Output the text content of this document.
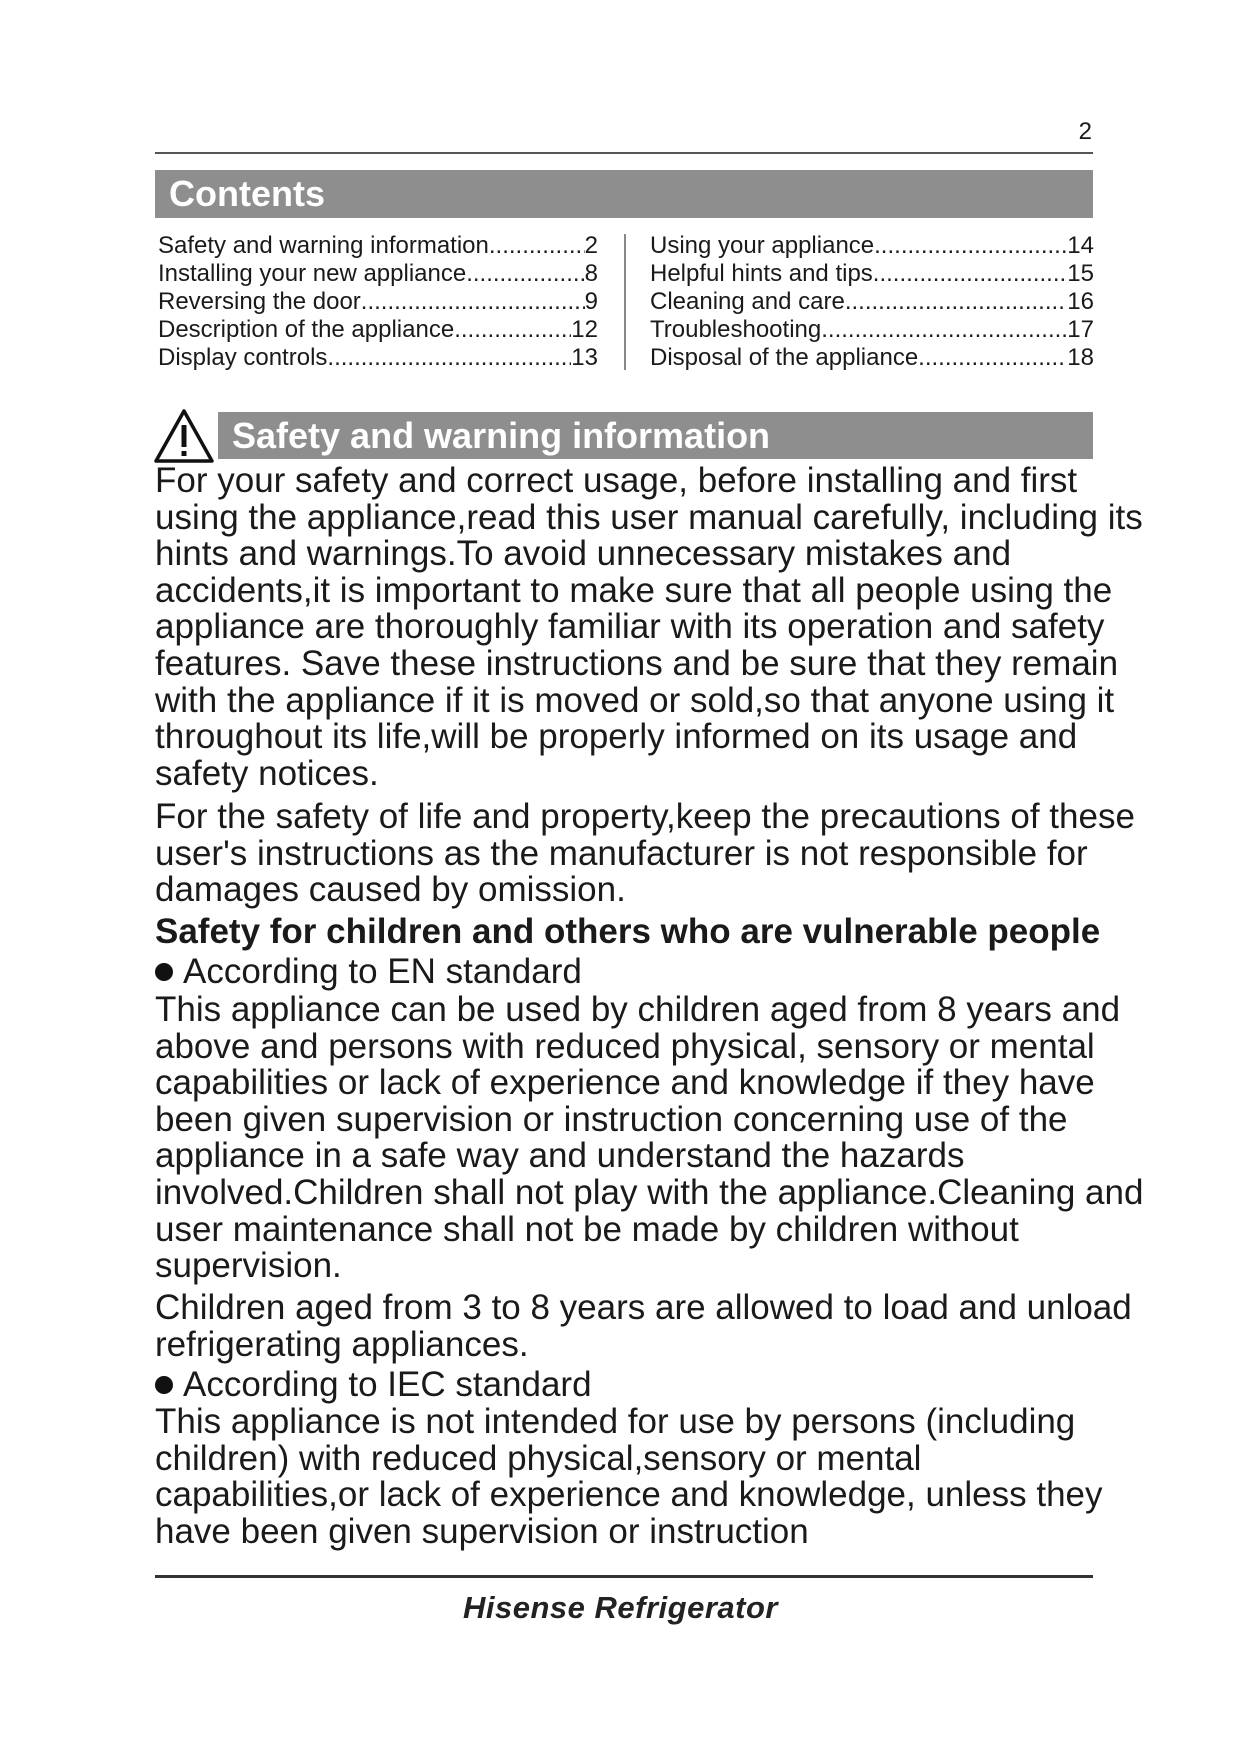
2
Contents
Safety and warning information .....	2
Installing your new appliance .....	8
Reversing the door .....	9
Description of the appliance .....	12
Display controls .....	13
Using your appliance .....	14
Helpful hints and tips .....	15
Cleaning and care .....	16
Troubleshooting .....	17
Disposal of the appliance .....	18
Safety and warning information

For your safety and correct usage, before installing and first using the appliance,read this user manual carefully, including its hints and warnings.To avoid unnecessary mistakes and accidents,it is important to make sure that all people using the appliance are thoroughly familiar with its operation and safety features. Save these instructions and be sure that they remain with the appliance if it is moved or sold,so that anyone using it throughout its life,will be properly informed on its usage and safety notices.

For the safety of life and property,keep the precautions of these user's instructions as the manufacturer is not responsible for damages caused by omission.

Safety for children and others who are vulnerable people
According to EN standard

This appliance can be used by children aged from 8 years and above and persons with reduced physical, sensory or mental capabilities or lack of experience and knowledge if they have been given supervision or instruction concerning use of the appliance in a safe way and understand the hazards involved.Children shall not play with the appliance.Cleaning and user maintenance shall not be made by children without supervision.

Children aged from 3 to 8 years are allowed to load and unload refrigerating appliances.

According to IEC standard

This appliance is not intended for use by persons (including children) with reduced physical,sensory or mental capabilities,or lack of experience and knowledge, unless they have been given supervision or instruction

Hisense Refrigerator
